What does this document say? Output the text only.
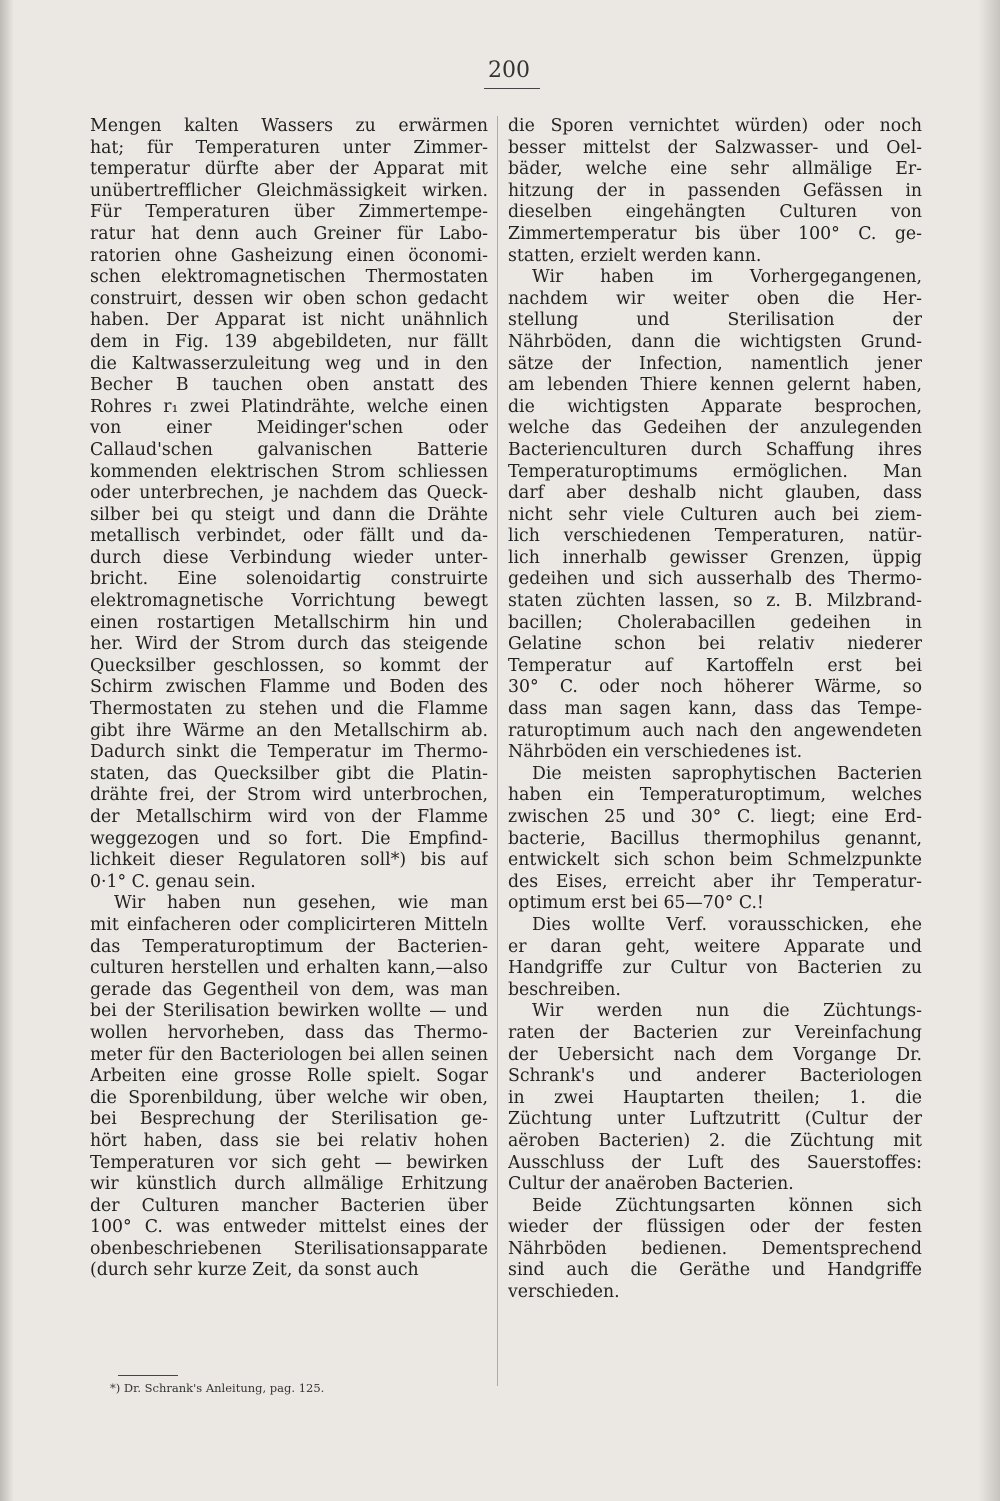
200
Mengen kalten Wassers zu erwärmen
hat; für Temperaturen unter Zimmer-
temperatur dürfte aber der Apparat mit
unübertrefflicher Gleichmässigkeit wirken.
Für Temperaturen über Zimmertempe-
ratur hat denn auch Greiner für Labo-
ratorien ohne Gasheizung einen öconomi-
schen elektromagnetischen Thermostaten
construirt, dessen wir oben schon gedacht
haben. Der Apparat ist nicht unähnlich
dem in Fig. 139 abgebildeten, nur fällt
die Kaltwasserzuleitung weg und in den
Becher B tauchen oben anstatt des
Rohres r₁ zwei Platindrähte, welche einen
von einer Meidinger'schen oder
Callaud'schen galvanischen Batterie
kommenden elektrischen Strom schliessen
oder unterbrechen, je nachdem das Queck-
silber bei qu steigt und dann die Drähte
metallisch verbindet, oder fällt und da-
durch diese Verbindung wieder unter-
bricht. Eine solenoidartig construirte
elektromagnetische Vorrichtung bewegt
einen rostartigen Metallschirm hin und
her. Wird der Strom durch das steigende
Quecksilber geschlossen, so kommt der
Schirm zwischen Flamme und Boden des
Thermostaten zu stehen und die Flamme
gibt ihre Wärme an den Metallschirm ab.
Dadurch sinkt die Temperatur im Thermo-
staten, das Quecksilber gibt die Platin-
drähte frei, der Strom wird unterbrochen,
der Metallschirm wird von der Flamme
weggezogen und so fort. Die Empfind-
lichkeit dieser Regulatoren soll*) bis auf
0·1° C. genau sein.
Wir haben nun gesehen, wie man
mit einfacheren oder complicirteren Mitteln
das Temperaturoptimum der Bacterien-
culturen herstellen und erhalten kann,—also
gerade das Gegentheil von dem, was man
bei der Sterilisation bewirken wollte — und
wollen hervorheben, dass das Thermo-
meter für den Bacteriologen bei allen seinen
Arbeiten eine grosse Rolle spielt. Sogar
die Sporenbildung, über welche wir oben,
bei Besprechung der Sterilisation ge-
hört haben, dass sie bei relativ hohen
Temperaturen vor sich geht — bewirken
wir künstlich durch allmälige Erhitzung
der Culturen mancher Bacterien über
100° C. was entweder mittelst eines der
obenbeschriebenen Sterilisationsapparate
(durch sehr kurze Zeit, da sonst auch
die Sporen vernichtet würden) oder noch
besser mittelst der Salzwasser- und Oel-
bäder, welche eine sehr allmälige Er-
hitzung der in passenden Gefässen in
dieselben eingehängten Culturen von
Zimmertemperatur bis über 100° C. ge-
statten, erzielt werden kann.
Wir haben im Vorhergegangenen,
nachdem wir weiter oben die Her-
stellung und Sterilisation der
Nährböden, dann die wichtigsten Grund-
sätze der Infection, namentlich jener
am lebenden Thiere kennen gelernt haben,
die wichtigsten Apparate besprochen,
welche das Gedeihen der anzulegenden
Bacterienculturen durch Schaffung ihres
Temperaturoptimums ermöglichen. Man
darf aber deshalb nicht glauben, dass
nicht sehr viele Culturen auch bei ziem-
lich verschiedenen Temperaturen, natür-
lich innerhalb gewisser Grenzen, üppig
gedeihen und sich ausserhalb des Thermo-
staten züchten lassen, so z. B. Milzbrand-
bacillen; Cholerabacillen gedeihen in
Gelatine schon bei relativ niederer
Temperatur auf Kartoffeln erst bei
30° C. oder noch höherer Wärme, so
dass man sagen kann, dass das Tempe-
raturoptimum auch nach den angewendeten
Nährböden ein verschiedenes ist.
Die meisten saprophytischen Bacterien
haben ein Temperaturoptimum, welches
zwischen 25 und 30° C. liegt; eine Erd-
bacterie, Bacillus thermophilus genannt,
entwickelt sich schon beim Schmelzpunkte
des Eises, erreicht aber ihr Temperatur-
optimum erst bei 65—70° C.!
Dies wollte Verf. vorausschicken, ehe
er daran geht, weitere Apparate und
Handgriffe zur Cultur von Bacterien zu
beschreiben.
Wir werden nun die Züchtungs-
raten der Bacterien zur Vereinfachung
der Uebersicht nach dem Vorgange Dr.
Schrank's und anderer Bacteriologen
in zwei Hauptarten theilen; 1. die
Züchtung unter Luftzutritt (Cultur der
aëroben Bacterien) 2. die Züchtung mit
Ausschluss der Luft des Sauerstoffes:
Cultur der anaëroben Bacterien.
Beide Züchtungsarten können sich
wieder der flüssigen oder der festen
Nährböden bedienen. Dementsprechend
sind auch die Geräthe und Handgriffe
verschieden.
*) Dr. Schrank's Anleitung, pag. 125.
